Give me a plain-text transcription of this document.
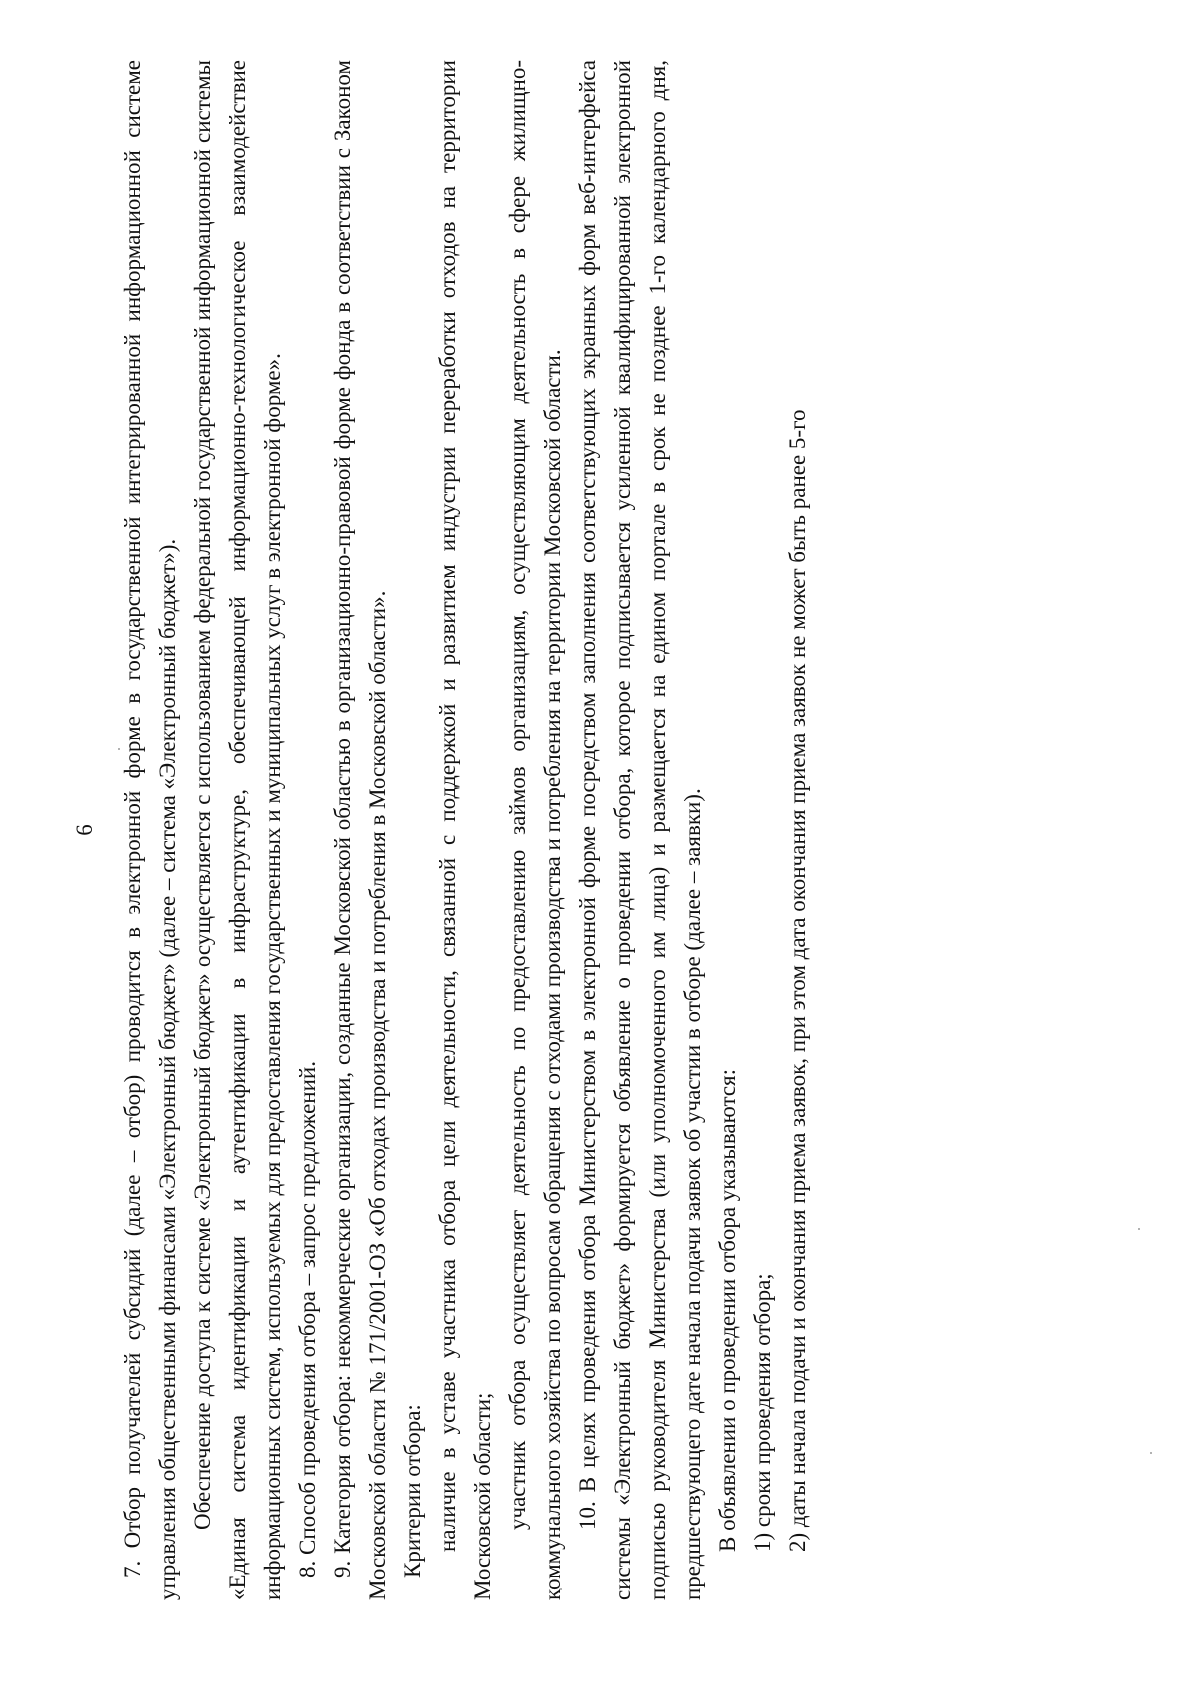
6 7. Отбор получателей субсидий (далее – отбор) проводится в электронной форме в государственной интегрированной информационной системе управления общественными финансами «Электронный бюджет» (далее – система «Электронный бюджет»). Обеспечение доступа к системе «Электронный бюджет» осуществляется с использованием федеральной государственной информационной системы «Единая система идентификации и аутентификации в инфраструктуре, обеспечивающей информационно-технологическое взаимодействие информационных систем, используемых для предоставления государственных и муниципальных услуг в электронной форме». 8. Способ проведения отбора – запрос предложений. 9. Категория отбора: некоммерческие организации, созданные Московской областью в организационно-правовой форме фонда в соответствии с Законом Московской области № 171/2001-ОЗ «Об отходах производства и потребления в Московской области». Критерии отбора: наличие в уставе участника отбора цели деятельности, связанной с поддержкой и развитием индустрии переработки отходов на территории Московской области; участник отбора осуществляет деятельность по предоставлению займов организациям, осуществляющим деятельность в сфере жилищно-коммунального хозяйства по вопросам обращения с отходами производства и потребления на территории Московской области. 10. В целях проведения отбора Министерством в электронной форме посредством заполнения соответствующих экранных форм веб-интерфейса системы «Электронный бюджет» формируется объявление о проведении отбора, которое подписывается усиленной квалифицированной электронной подписью руководителя Министерства (или уполномоченного им лица) и размещается на едином портале в срок не позднее 1-го календарного дня, предшествующего дате начала подачи заявок об участии в отборе (далее – заявки). В объявлении о проведении отбора указываются: 1) сроки проведения отбора; 2) даты начала подачи и окончания приема заявок, при этом дата окончания приема заявок не может быть ранее 5-го
